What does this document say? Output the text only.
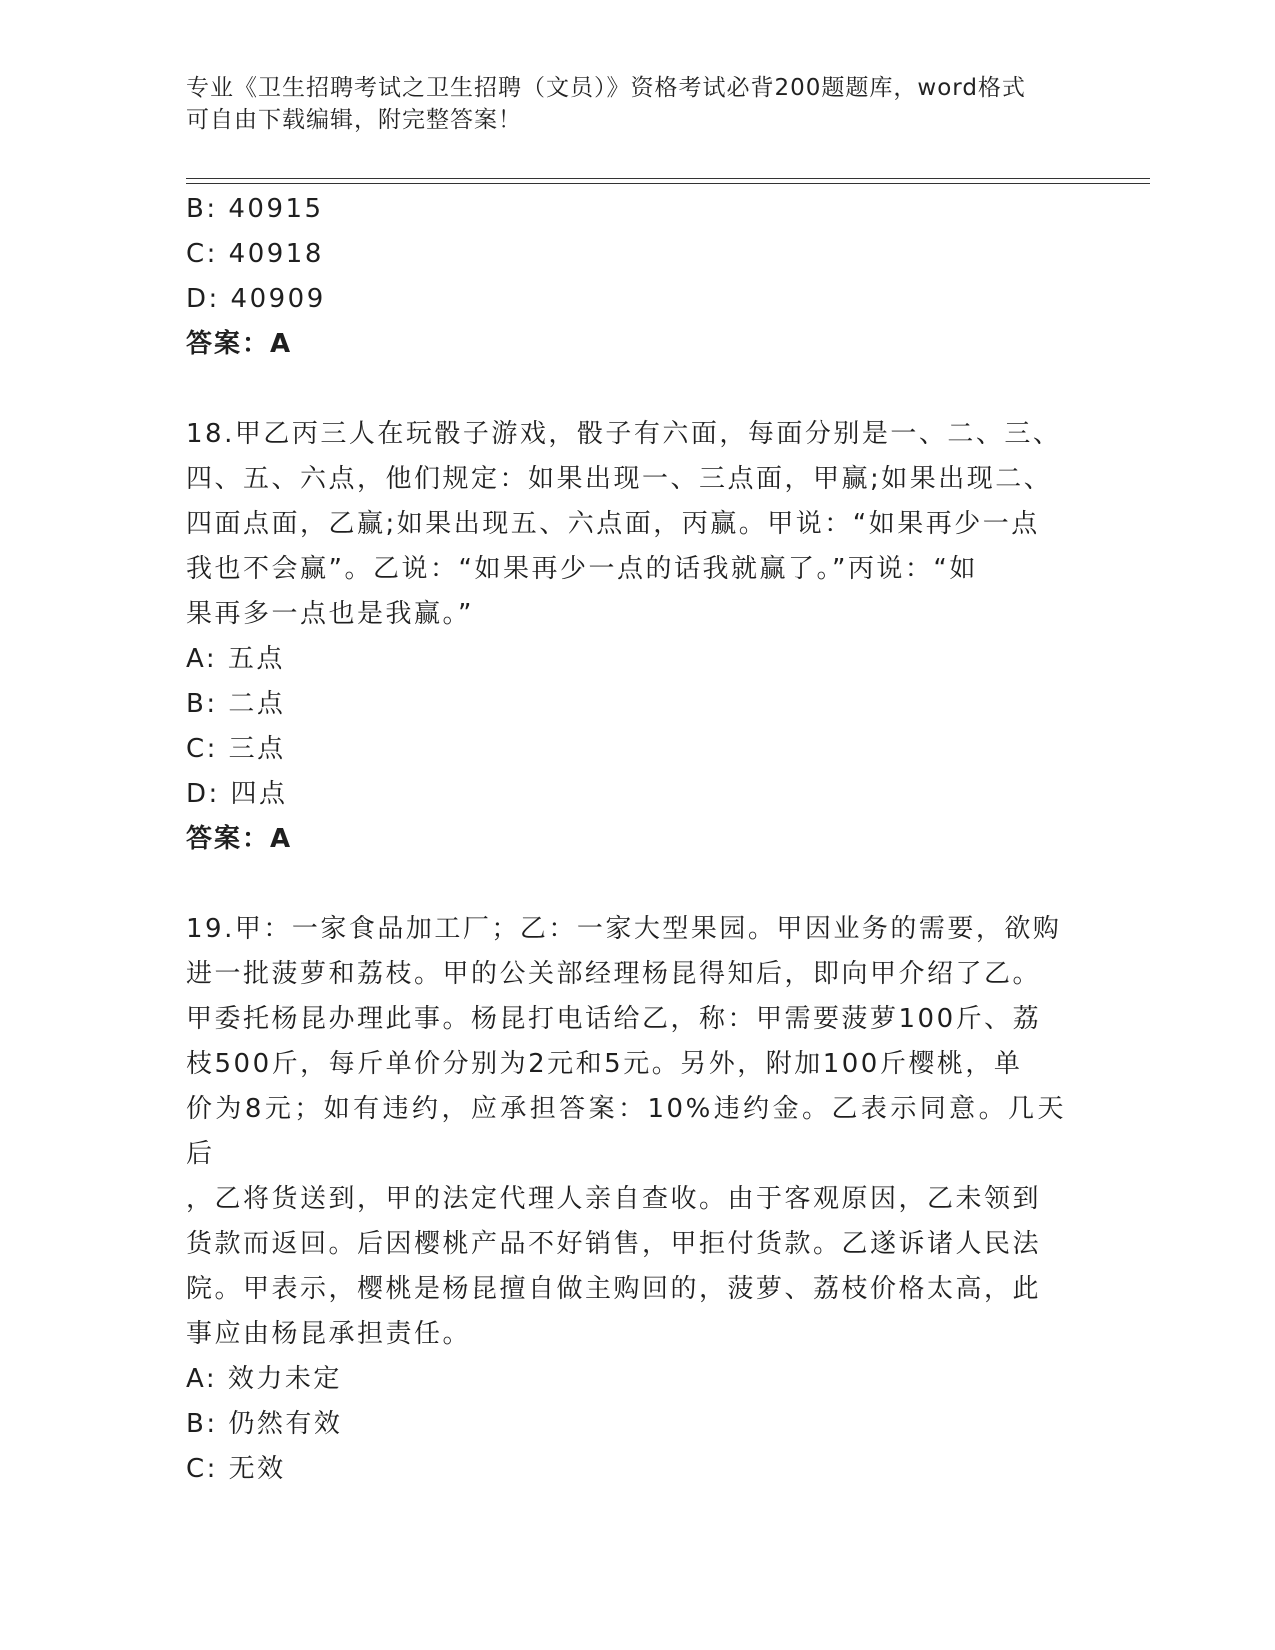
专业《卫生招聘考试之卫生招聘（文员）》资格考试必背200题题库，word格式
可自由下载编辑，附完整答案！
B: 40915
C: 40918
D: 40909
答案：A
18.甲乙丙三人在玩骰子游戏，骰子有六面，每面分别是一、二、三、
四、五、六点，他们规定：如果出现一、三点面，甲赢;如果出现二、
四面点面，乙赢;如果出现五、六点面，丙赢。甲说：“如果再少一点
我也不会赢”。乙说：“如果再少一点的话我就赢了。”丙说：“如
果再多一点也是我赢。”
A: 五点
B: 二点
C: 三点
D: 四点
答案：A
19.甲：一家食品加工厂；乙：一家大型果园。甲因业务的需要，欲购
进一批菠萝和荔枝。甲的公关部经理杨昆得知后，即向甲介绍了乙。
甲委托杨昆办理此事。杨昆打电话给乙，称：甲需要菠萝100斤、荔
枝500斤，每斤单价分别为2元和5元。另外，附加100斤樱桃，单
价为8元；如有违约，应承担答案：10%违约金。乙表示同意。几天后
，乙将货送到，甲的法定代理人亲自查收。由于客观原因，乙未领到
货款而返回。后因樱桃产品不好销售，甲拒付货款。乙遂诉诸人民法
院。甲表示，樱桃是杨昆擅自做主购回的，菠萝、荔枝价格太高，此
事应由杨昆承担责任。
A: 效力未定
B: 仍然有效
C: 无效
